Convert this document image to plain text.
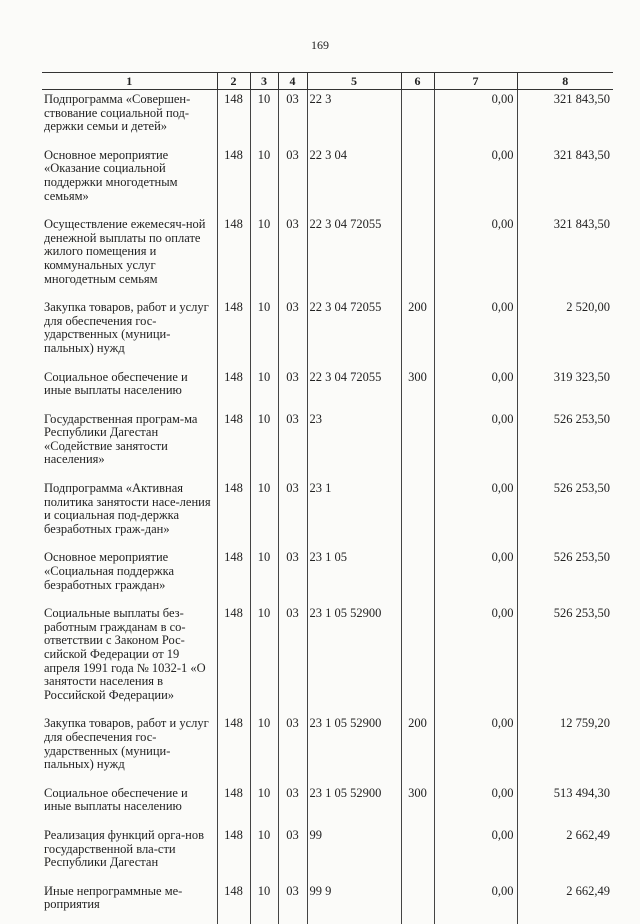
169
1	2	3	4	5	6	7	8
Подпрограмма «Совершен-ствование социальной под-держки семьи и детей»	148	10	03	22 3		0,00	321 843,50
Основное мероприятие «Оказание социальной поддержки многодетным семьям»	148	10	03	22 3 04		0,00	321 843,50
Осуществление ежемесяч-ной денежной выплаты по оплате жилого помещения и коммунальных услуг многодетным семьям	148	10	03	22 3 04 72055		0,00	321 843,50
Закупка товаров, работ и услуг для обеспечения гос-ударственных (муници-пальных) нужд	148	10	03	22 3 04 72055	200	0,00	2 520,00
Социальное обеспечение и иные выплаты населению	148	10	03	22 3 04 72055	300	0,00	319 323,50
Государственная програм-ма Республики Дагестан «Содействие занятости населения»	148	10	03	23		0,00	526 253,50
Подпрограмма «Активная политика занятости насе-ления и социальная под-держка безработных граж-дан»	148	10	03	23 1		0,00	526 253,50
Основное мероприятие «Социальная поддержка безработных граждан»	148	10	03	23 1 05		0,00	526 253,50
Социальные выплаты без-работным гражданам в со-ответствии с Законом Рос-сийской Федерации от 19 апреля 1991 года № 1032-1 «О занятости населения в Российской Федерации»	148	10	03	23 1 05 52900		0,00	526 253,50
Закупка товаров, работ и услуг для обеспечения гос-ударственных (муници-пальных) нужд	148	10	03	23 1 05 52900	200	0,00	12 759,20
Социальное обеспечение и иные выплаты населению	148	10	03	23 1 05 52900	300	0,00	513 494,30
Реализация функций орга-нов государственной вла-сти Республики Дагестан	148	10	03	99		0,00	2 662,49
Иные непрограммные ме-роприятия	148	10	03	99 9		0,00	2 662,49
